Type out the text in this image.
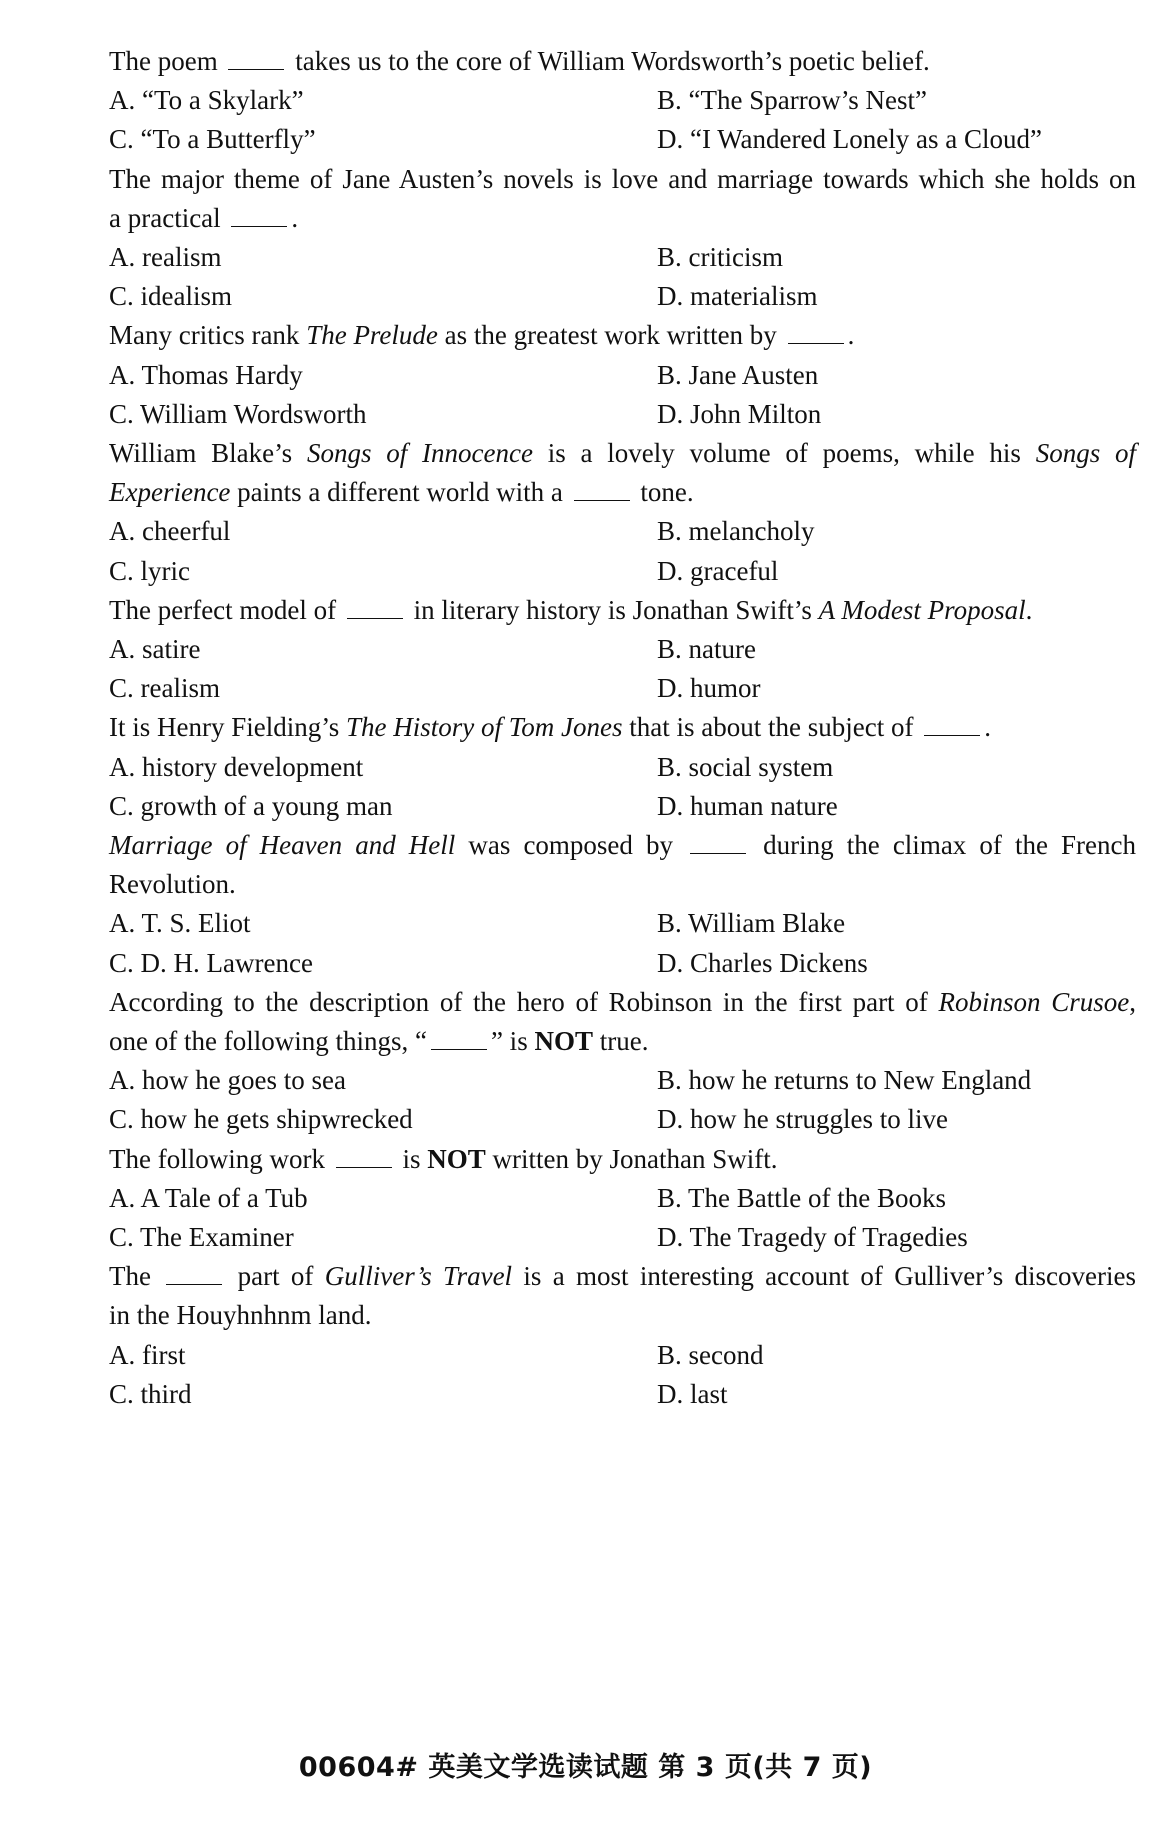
The poem  takes us to the core of William Wordsworth’s poetic belief.
A. “To a Skylark”	B. “The Sparrow’s Nest”
C. “To a Butterfly”	D. “I Wandered Lonely as a Cloud”
The major theme of Jane Austen’s novels is love and marriage towards which she holds on
a practical .
A. realism	B. criticism
C. idealism	D. materialism
Many critics rank The Prelude as the greatest work written by .
A. Thomas Hardy	B. Jane Austen
C. William Wordsworth	D. John Milton
William Blake’s Songs of Innocence is a lovely volume of poems, while his Songs of
Experience paints a different world with a  tone.
A. cheerful	B. melancholy
C. lyric	D. graceful
The perfect model of  in literary history is Jonathan Swift’s A Modest Proposal.
A. satire	B. nature
C. realism	D. humor
It is Henry Fielding’s The History of Tom Jones that is about the subject of .
A. history development	B. social system
C. growth of a young man	D. human nature
Marriage of Heaven and Hell was composed by  during the climax of the French
Revolution.
A. T. S. Eliot	B. William Blake
C. D. H. Lawrence	D. Charles Dickens
According to the description of the hero of Robinson in the first part of Robinson Crusoe,
one of the following things, “ ” is NOT true.
A. how he goes to sea	B. how he returns to New England
C. how he gets shipwrecked	D. how he struggles to live
The following work  is NOT written by Jonathan Swift.
A. A Tale of a Tub	B. The Battle of the Books
C. The Examiner	D. The Tragedy of Tragedies
The  part of Gulliver’s Travel is a most interesting account of Gulliver’s discoveries
in the Houyhnhnm land.
A. first	B. second
C. third	D. last
00604# 英美文学选读试题 第 3 页(共 7 页)
